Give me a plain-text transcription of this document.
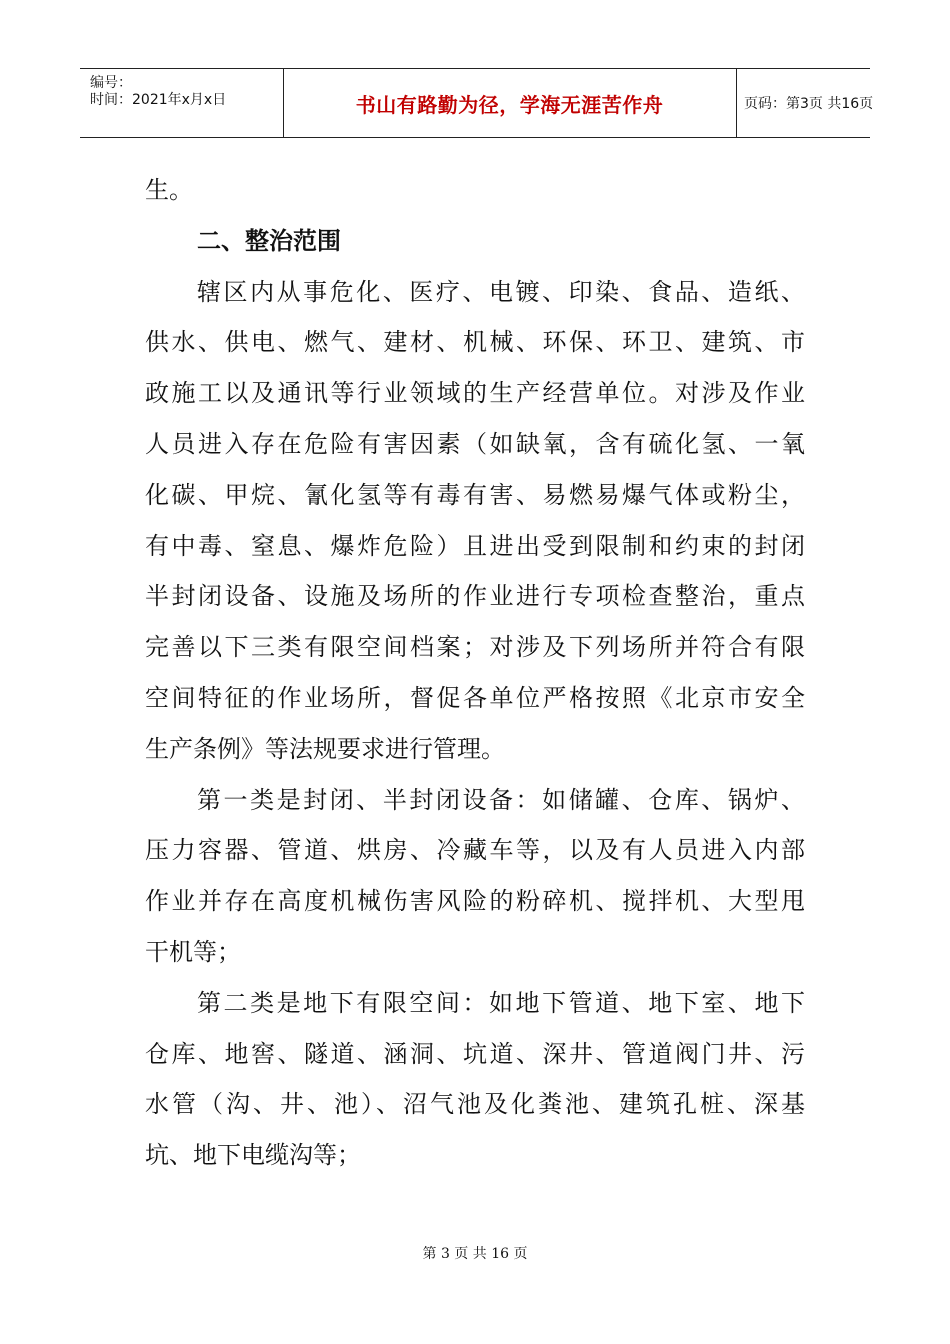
编号：
时间：2021年x月x日	书山有路勤为径，学海无涯苦作舟	页码：第3页 共16页
生。
二、整治范围
辖区内从事危化、医疗、电镀、印染、食品、造纸、
供水、供电、燃气、建材、机械、环保、环卫、建筑、市
政施工以及通讯等行业领域的生产经营单位。对涉及作业
人员进入存在危险有害因素（如缺氧，含有硫化氢、一氧
化碳、甲烷、氰化氢等有毒有害、易燃易爆气体或粉尘，
有中毒、窒息、爆炸危险）且进出受到限制和约束的封闭
半封闭设备、设施及场所的作业进行专项检查整治，重点
完善以下三类有限空间档案；对涉及下列场所并符合有限
空间特征的作业场所，督促各单位严格按照《北京市安全
生产条例》等法规要求进行管理。
第一类是封闭、半封闭设备：如储罐、仓库、锅炉、
压力容器、管道、烘房、冷藏车等，以及有人员进入内部
作业并存在高度机械伤害风险的粉碎机、搅拌机、大型甩
干机等；
第二类是地下有限空间：如地下管道、地下室、地下
仓库、地窖、隧道、涵洞、坑道、深井、管道阀门井、污
水管（沟、井、池）、沼气池及化粪池、建筑孔桩、深基
坑、地下电缆沟等；
第 3 页 共 16 页
